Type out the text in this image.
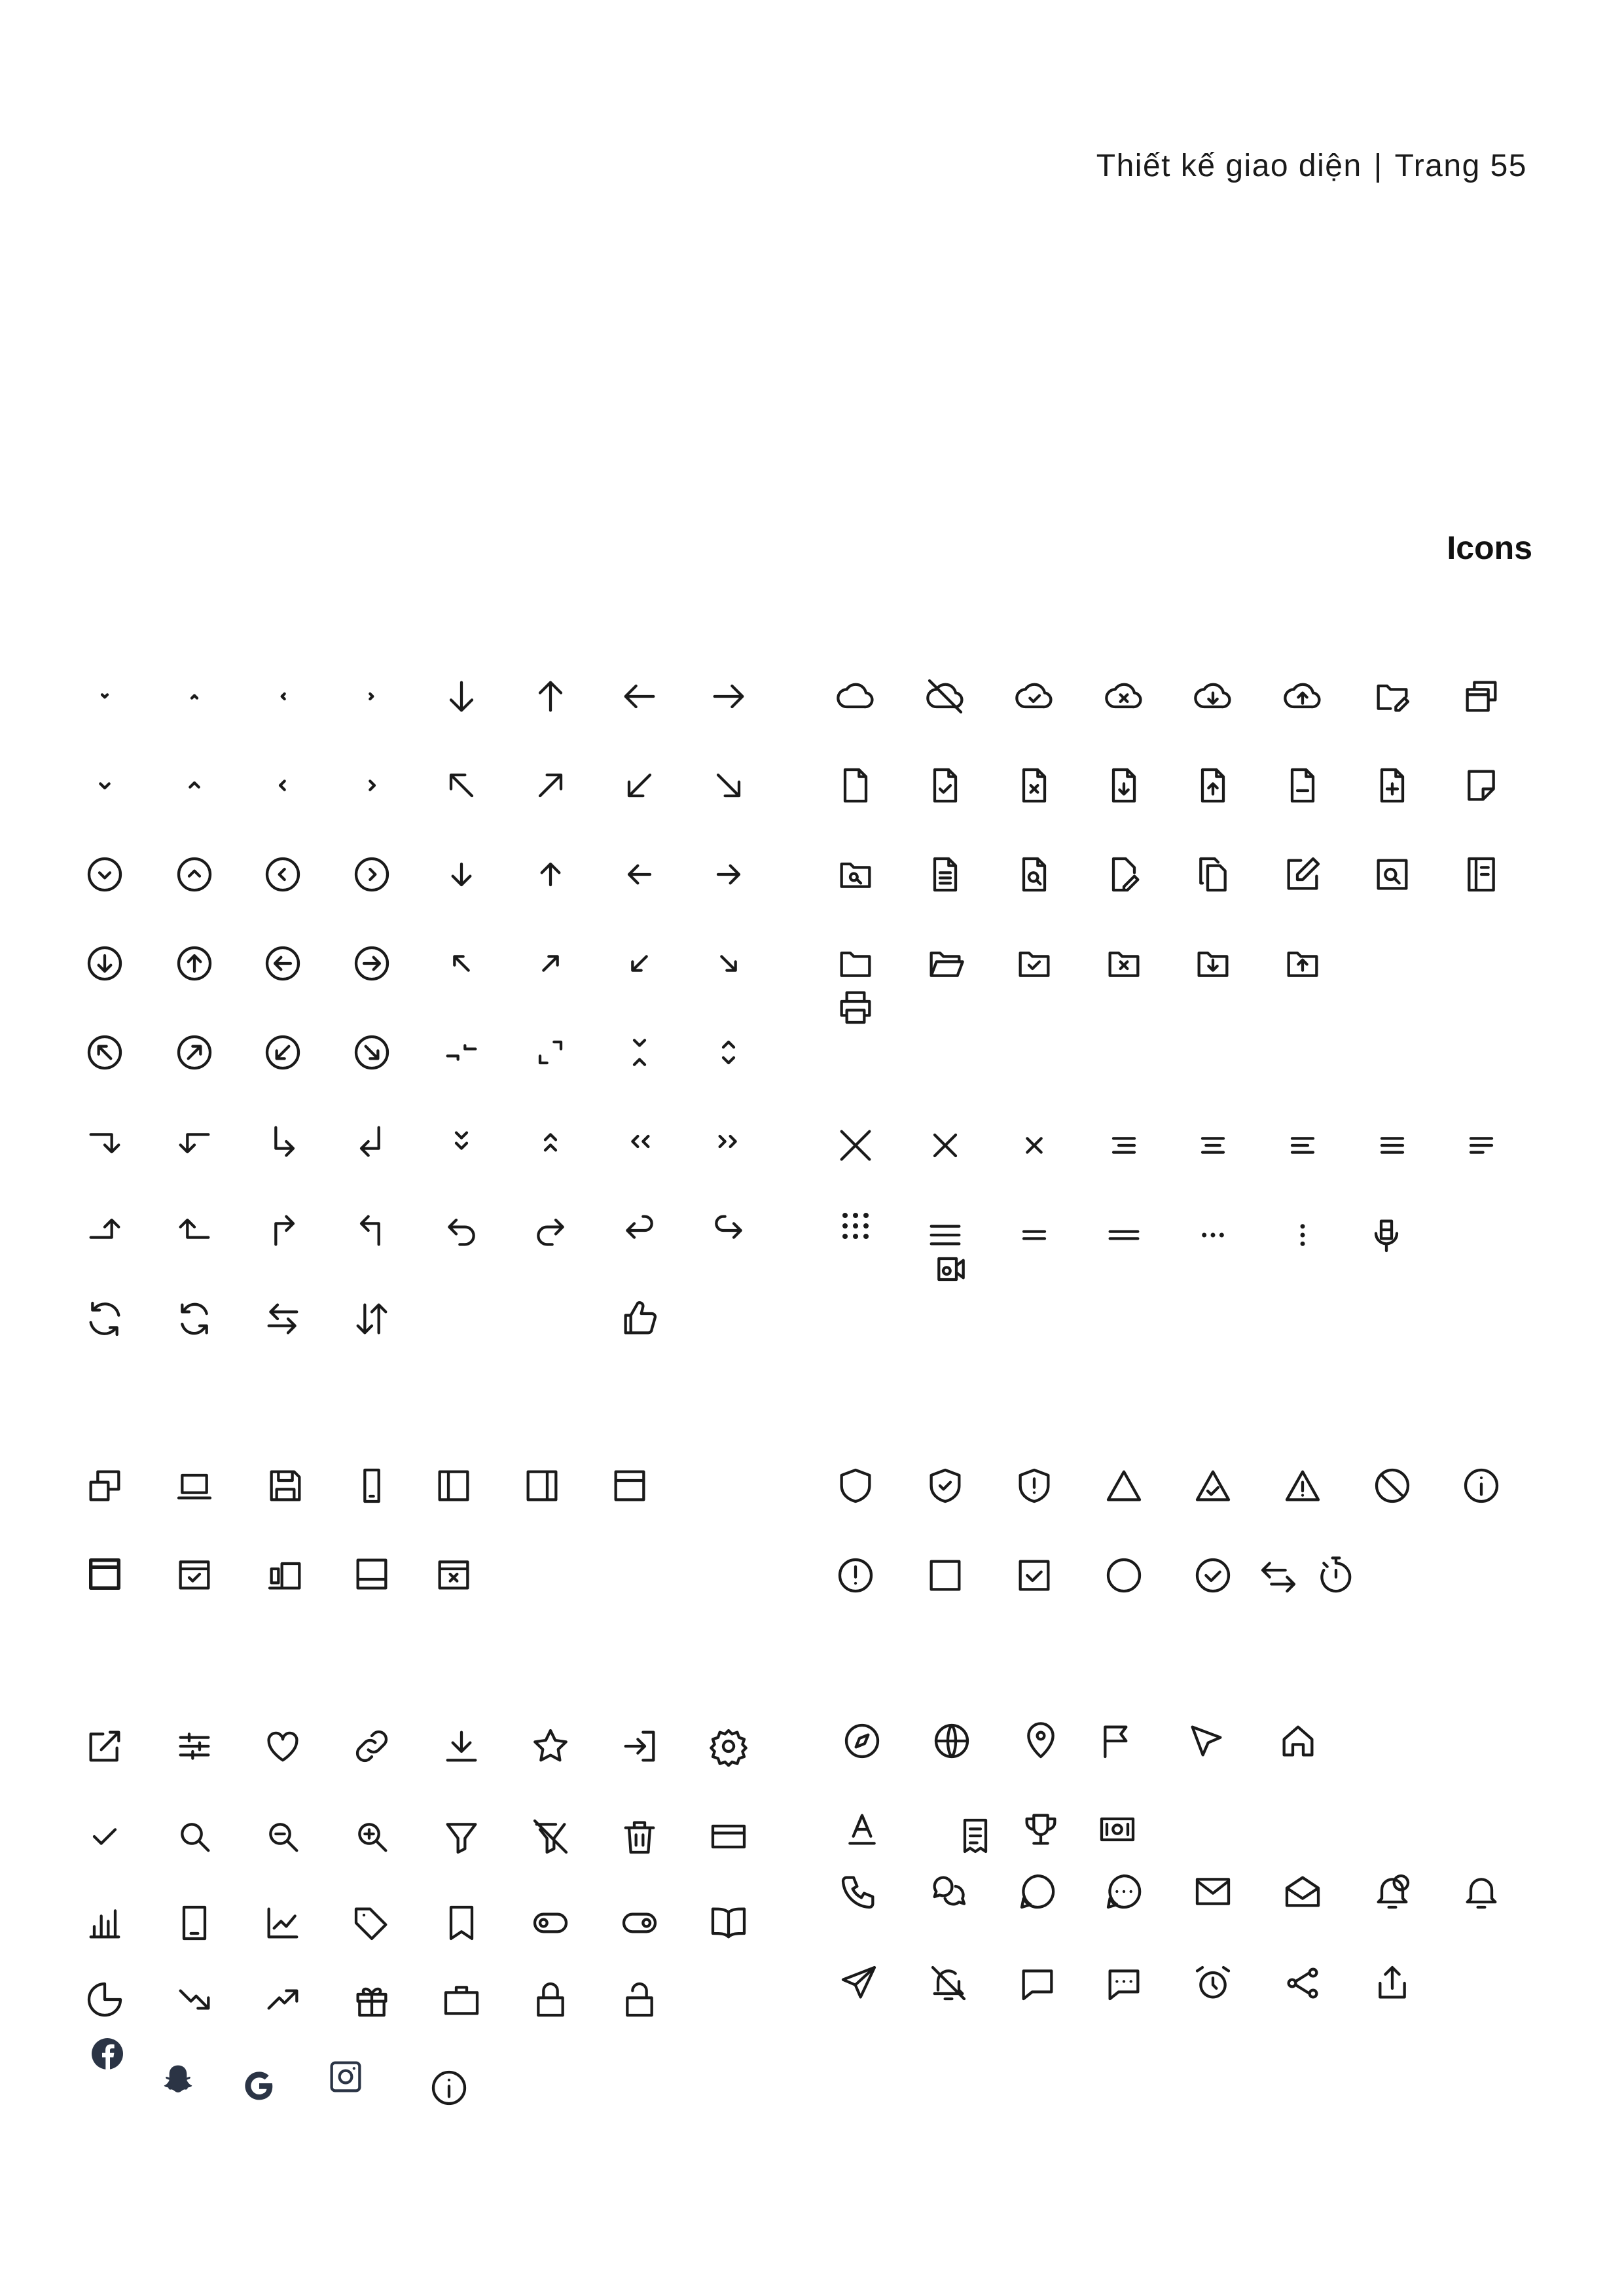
Thiết kế giao diện | Trang 55
Icons
